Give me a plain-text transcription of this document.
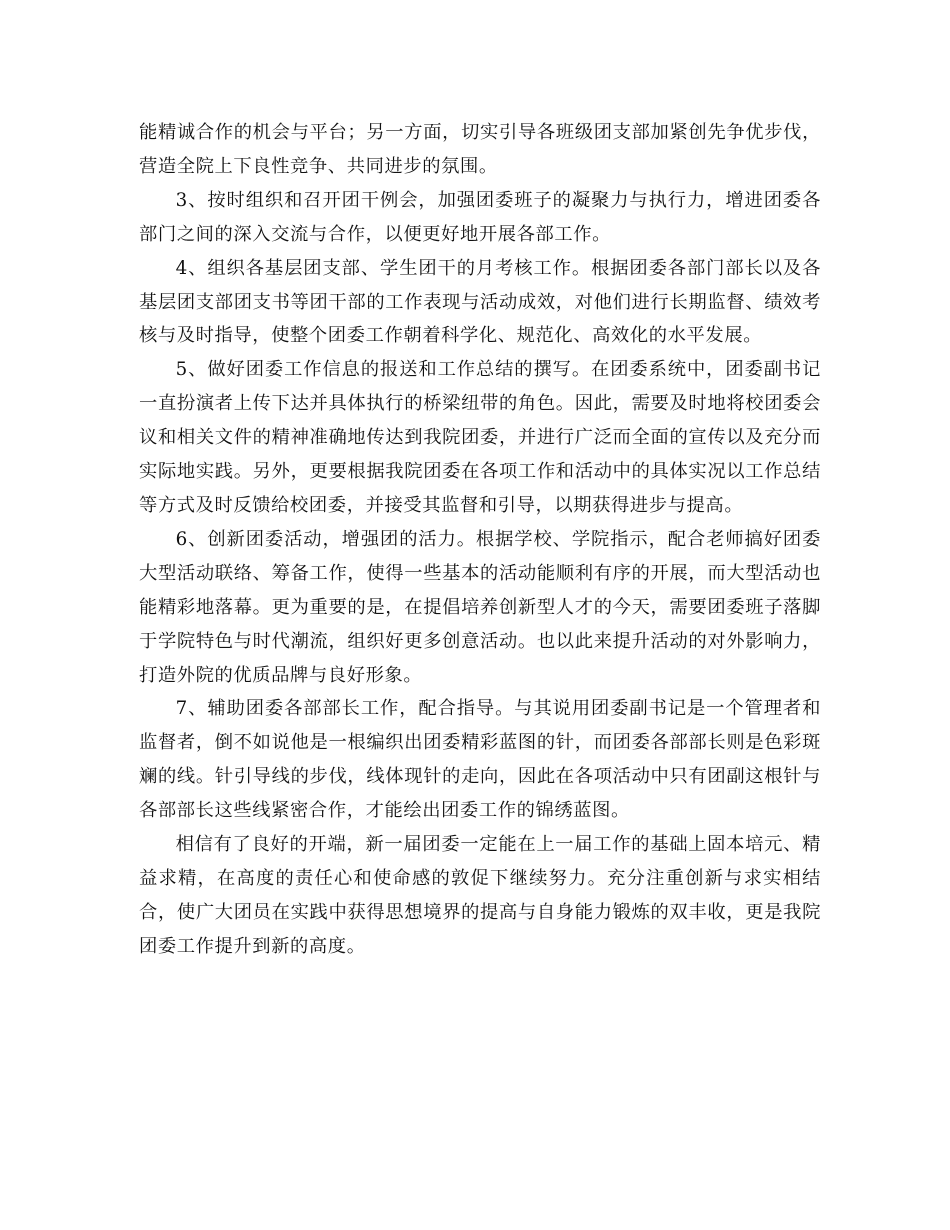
能精诚合作的机会与平台；另一方面，切实引导各班级团支部加紧创先争优步伐，营造全院上下良性竞争、共同进步的氛围。

3、按时组织和召开团干例会，加强团委班子的凝聚力与执行力，增进团委各部门之间的深入交流与合作，以便更好地开展各部工作。

4、组织各基层团支部、学生团干的月考核工作。根据团委各部门部长以及各基层团支部团支书等团干部的工作表现与活动成效，对他们进行长期监督、绩效考核与及时指导，使整个团委工作朝着科学化、规范化、高效化的水平发展。

5、做好团委工作信息的报送和工作总结的撰写。在团委系统中，团委副书记一直扮演者上传下达并具体执行的桥梁纽带的角色。因此，需要及时地将校团委会议和相关文件的精神准确地传达到我院团委，并进行广泛而全面的宣传以及充分而实际地实践。另外，更要根据我院团委在各项工作和活动中的具体实况以工作总结等方式及时反馈给校团委，并接受其监督和引导，以期获得进步与提高。

6、创新团委活动，增强团的活力。根据学校、学院指示，配合老师搞好团委大型活动联络、筹备工作，使得一些基本的活动能顺利有序的开展，而大型活动也能精彩地落幕。更为重要的是，在提倡培养创新型人才的今天，需要团委班子落脚于学院特色与时代潮流，组织好更多创意活动。也以此来提升活动的对外影响力，打造外院的优质品牌与良好形象。

7、辅助团委各部部长工作，配合指导。与其说用团委副书记是一个管理者和监督者，倒不如说他是一根编织出团委精彩蓝图的针，而团委各部部长则是色彩斑斓的线。针引导线的步伐，线体现针的走向，因此在各项活动中只有团副这根针与各部部长这些线紧密合作，才能绘出团委工作的锦绣蓝图。

相信有了良好的开端，新一届团委一定能在上一届工作的基础上固本培元、精益求精，在高度的责任心和使命感的敦促下继续努力。充分注重创新与求实相结合，使广大团员在实践中获得思想境界的提高与自身能力锻炼的双丰收，更是我院团委工作提升到新的高度。
